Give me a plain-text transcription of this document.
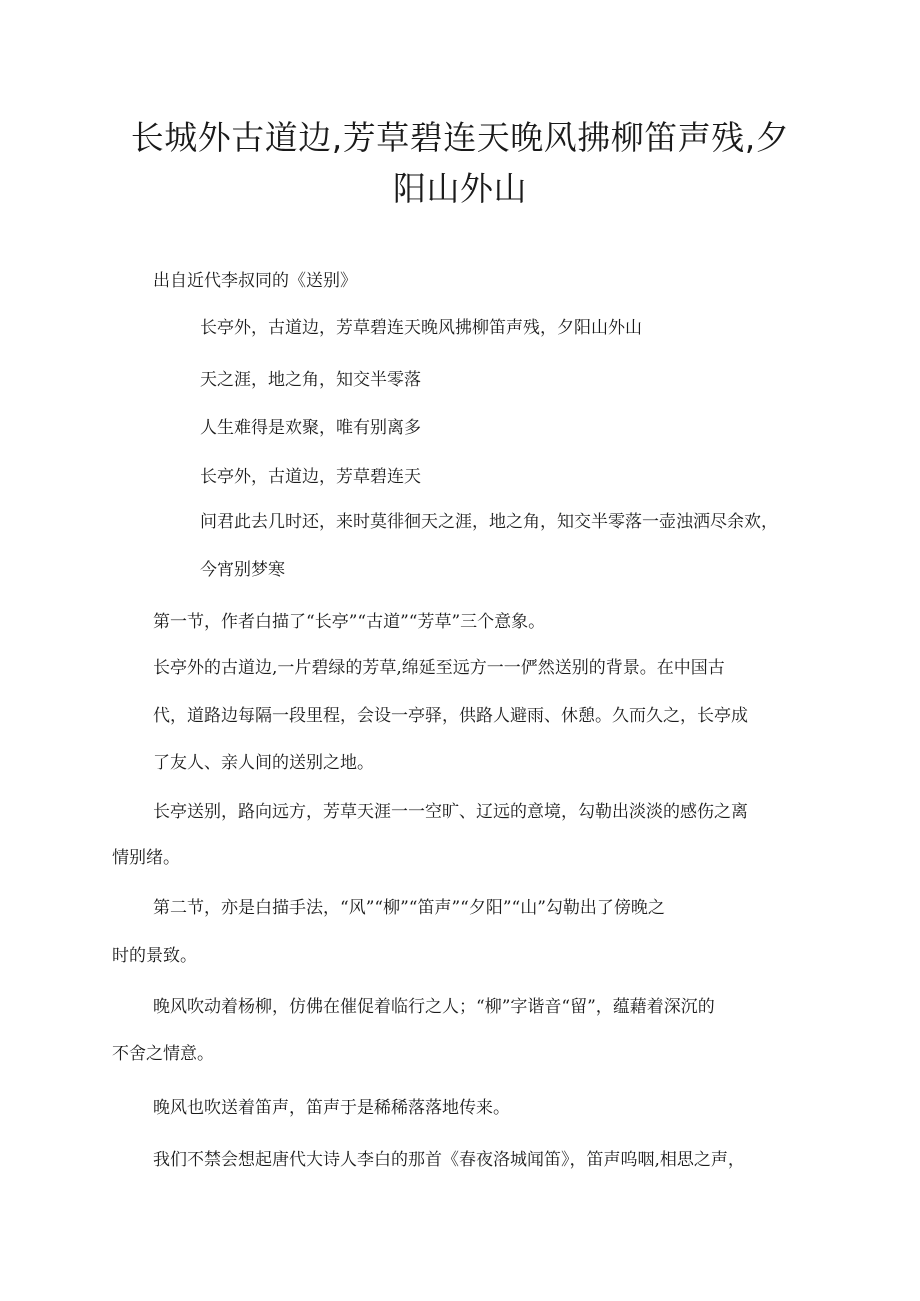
长城外古道边,芳草碧连天晚风拂柳笛声残,夕
阳山外山

出自近代李叔同的《送别》

长亭外，古道边，芳草碧连天晚风拂柳笛声残，夕阳山外山

天之涯，地之角，知交半零落

人生难得是欢聚，唯有别离多

长亭外，古道边，芳草碧连天

问君此去几时还，来时莫徘徊天之涯，地之角，知交半零落一壶浊洒尽余欢，

今宵别梦寒

第一节，作者白描了“长亭”“古道”“芳草”三个意象。

长亭外的古道边,一片碧绿的芳草,绵延至远方一一俨然送别的背景。在中国古

代，道路边每隔一段里程，会设一亭驿，供路人避雨、休憩。久而久之，长亭成

了友人、亲人间的送别之地。

长亭送别，路向远方，芳草天涯一一空旷、辽远的意境，勾勒出淡淡的感伤之离

情别绪。

第二节，亦是白描手法，“风”“柳”“笛声”“夕阳”“山”勾勒出了傍晚之

时的景致。

晚风吹动着杨柳，仿佛在催促着临行之人；“柳”字谐音“留”，蕴藉着深沉的

不舍之情意。

晚风也吹送着笛声，笛声于是稀稀落落地传来。

我们不禁会想起唐代大诗人李白的那首《春夜洛城闻笛》，笛声呜咽,相思之声，
